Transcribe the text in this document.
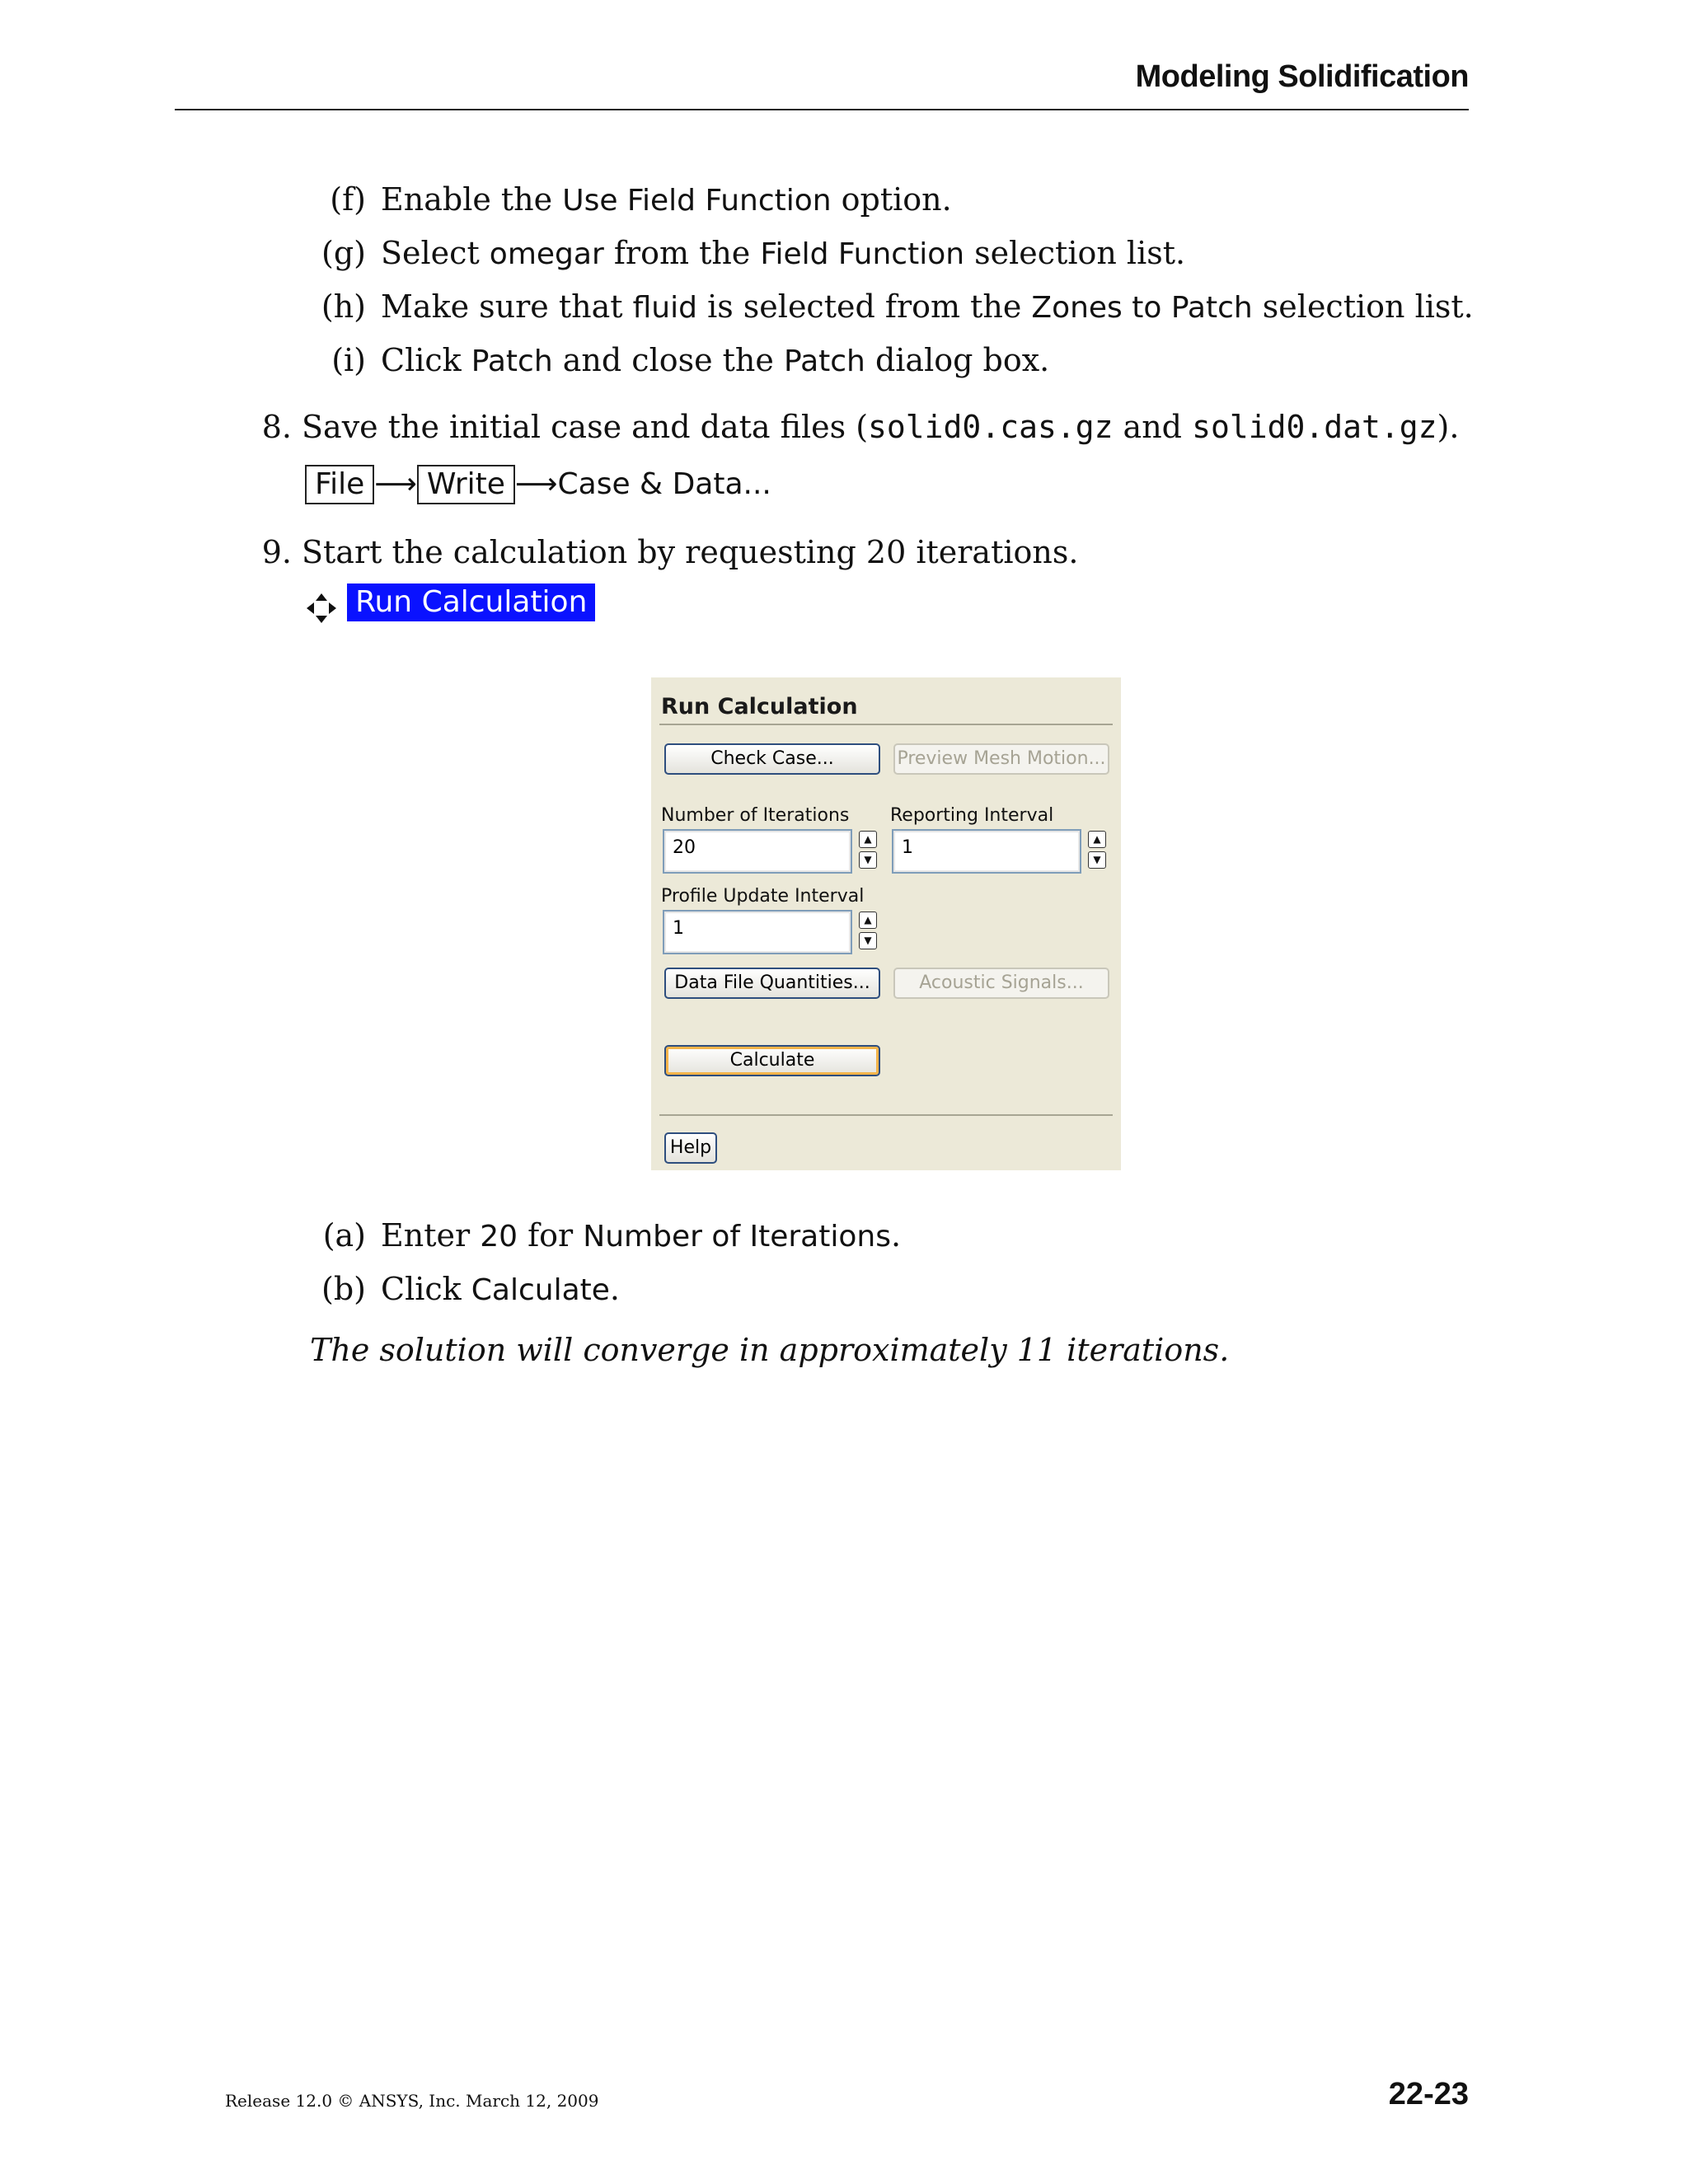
Modeling Solidification
(f) Enable the Use Field Function option.
(g) Select omegar from the Field Function selection list.
(h) Make sure that fluid is selected from the Zones to Patch selection list.
(i) Click Patch and close the Patch dialog box.
8. Save the initial case and data files (solid0.cas.gz and solid0.dat.gz).
File ⟶ Write ⟶Case & Data...
9. Start the calculation by requesting 20 iterations.
Run Calculation
Run Calculation
Check Case...	Preview Mesh Motion...
Number of Iterations
20	▲
▼
Reporting Interval
1	▲
▼
Profile Update Interval
1	▲
▼
Data File Quantities...	Acoustic Signals...
Calculate
Help
(a) Enter 20 for Number of Iterations.
(b) Click Calculate.
The solution will converge in approximately 11 iterations.
Release 12.0 © ANSYS, Inc. March 12, 2009	22-23
